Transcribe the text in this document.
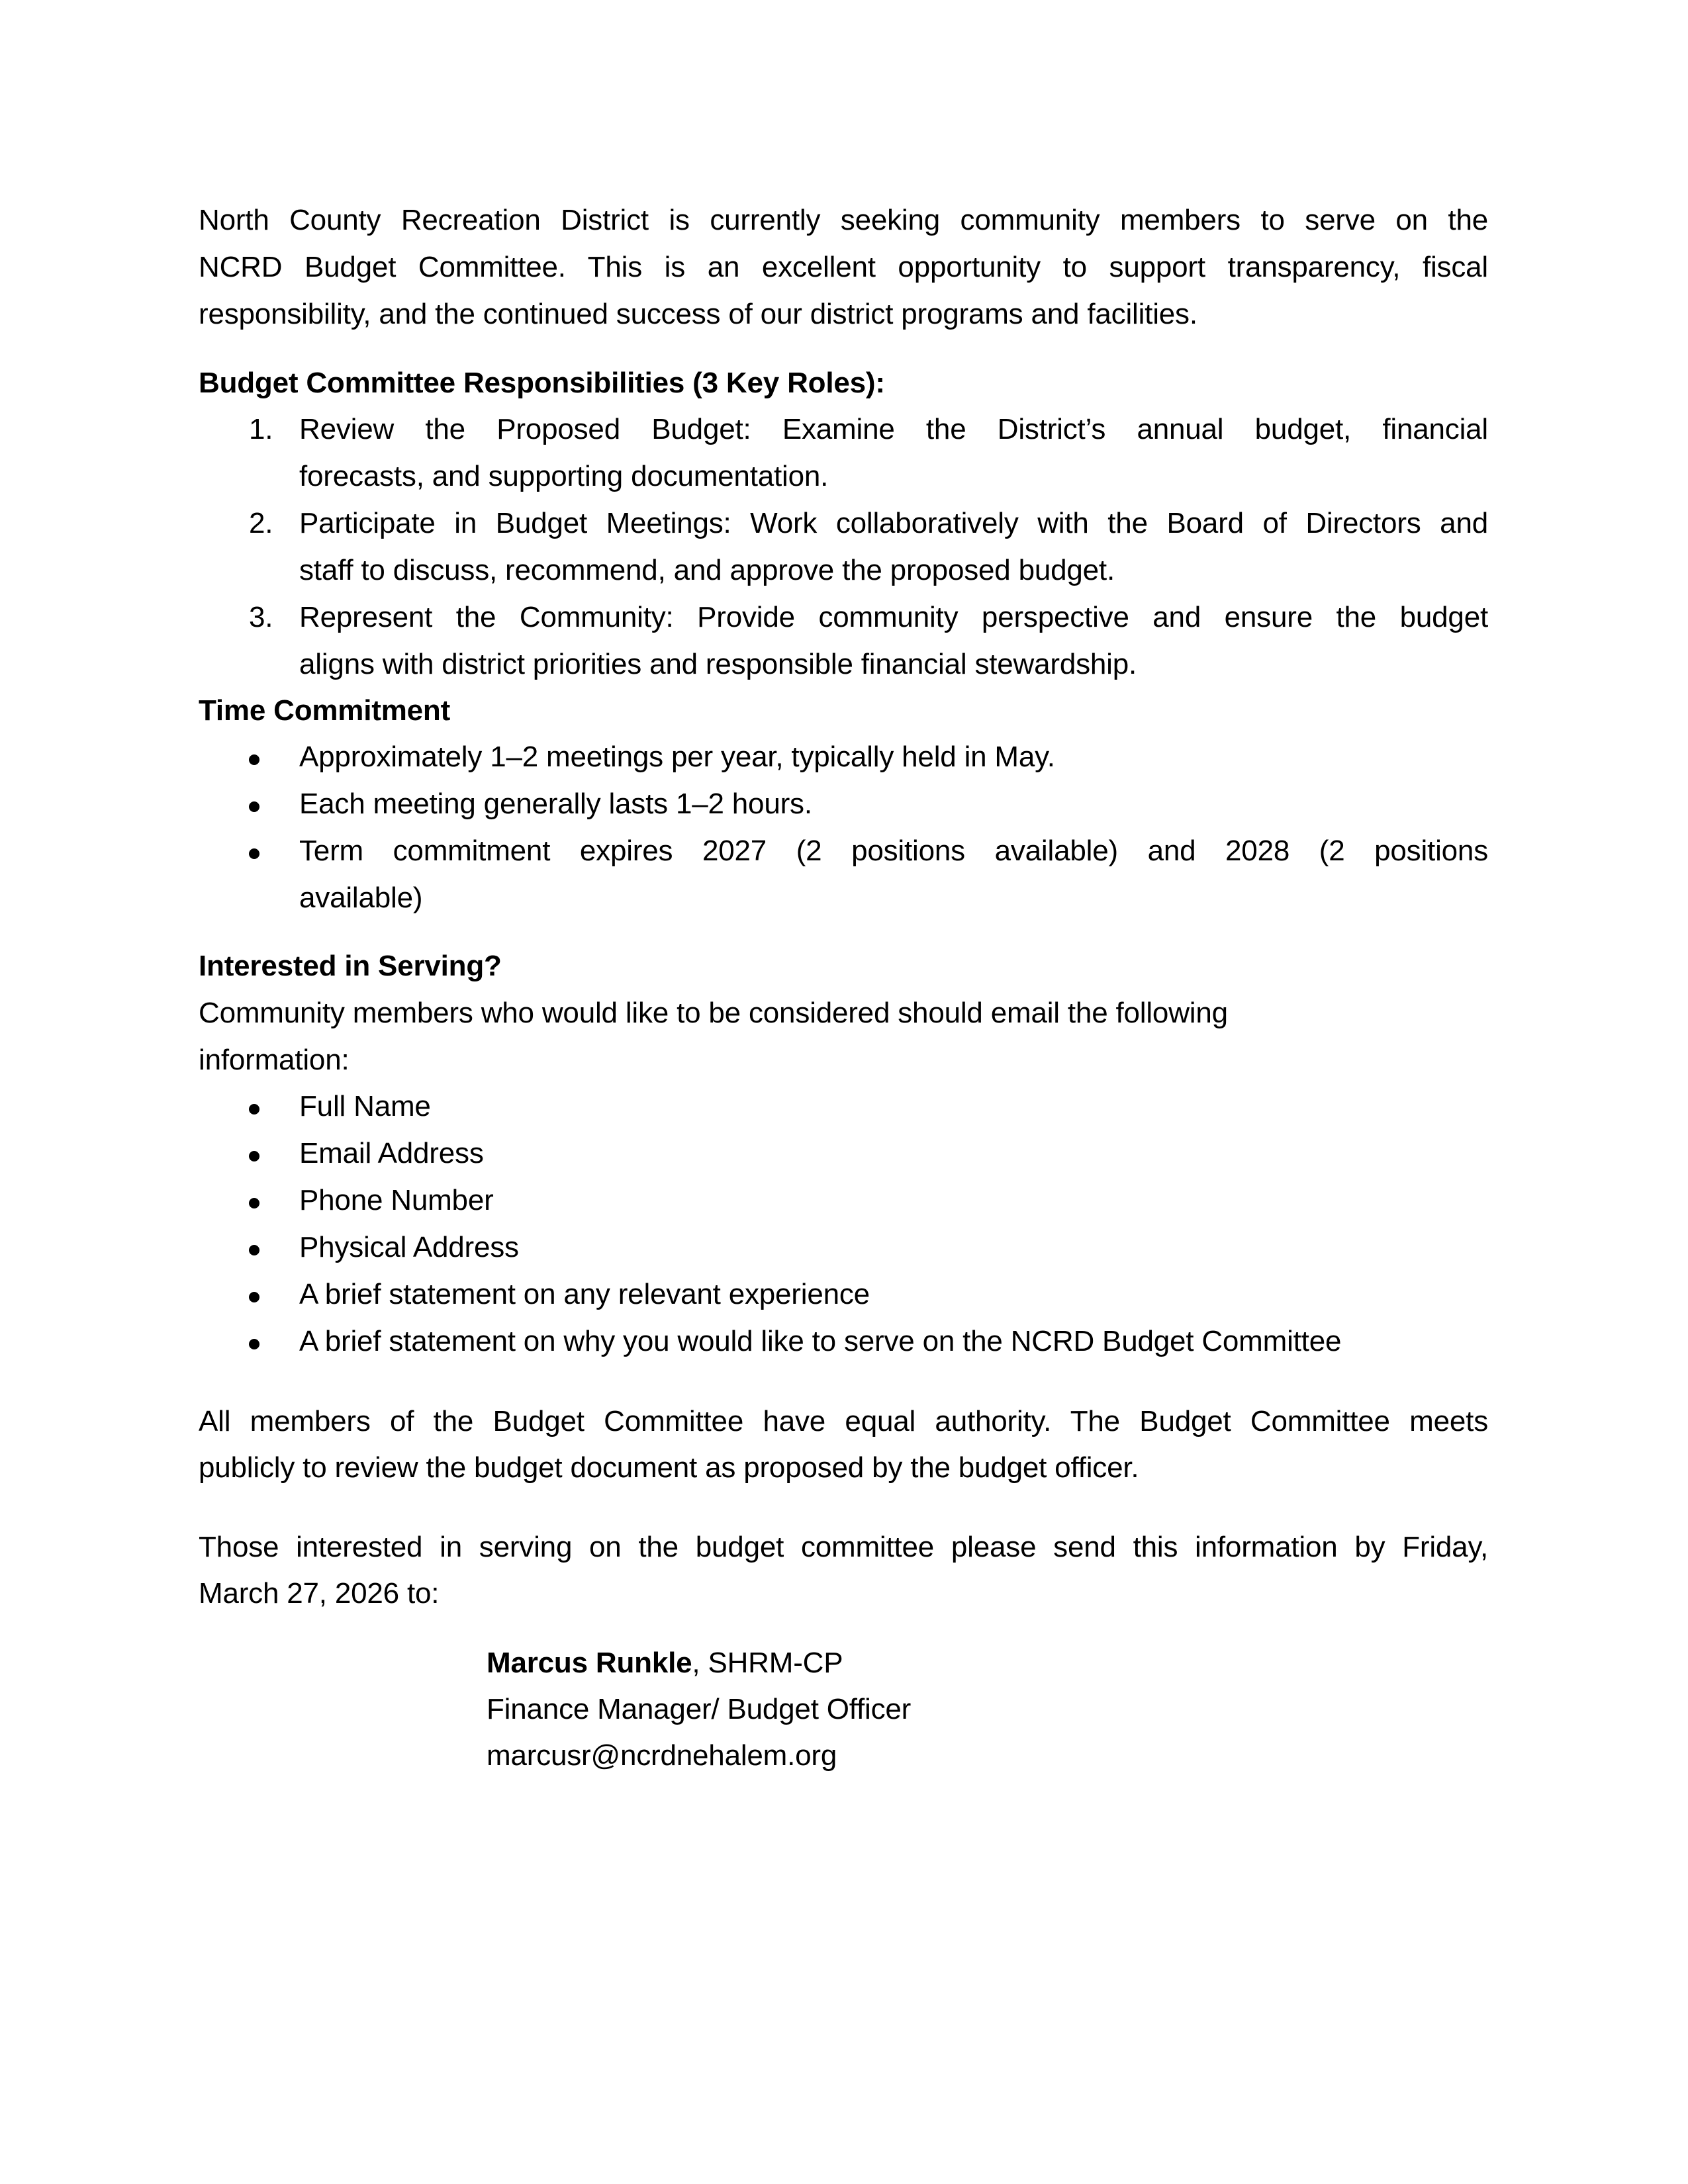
North County Recreation District is currently seeking community members to serve on the
NCRD Budget Committee. This is an excellent opportunity to support transparency, fiscal
responsibility, and the continued success of our district programs and facilities.
Budget Committee Responsibilities (3 Key Roles):
1. Review the Proposed Budget: Examine the District’s annual budget, financial
forecasts, and supporting documentation.
2. Participate in Budget Meetings: Work collaboratively with the Board of Directors and
staff to discuss, recommend, and approve the proposed budget.
3. Represent the Community: Provide community perspective and ensure the budget
aligns with district priorities and responsible financial stewardship.
Time Commitment
Approximately 1–2 meetings per year, typically held in May.
Each meeting generally lasts 1–2 hours.
Term commitment expires 2027 (2 positions available) and 2028 (2 positions
available)
Interested in Serving?
Community members who would like to be considered should email the following
information:
Full Name
Email Address
Phone Number
Physical Address
A brief statement on any relevant experience
A brief statement on why you would like to serve on the NCRD Budget Committee
All members of the Budget Committee have equal authority. The Budget Committee meets
publicly to review the budget document as proposed by the budget officer.
Those interested in serving on the budget committee please send this information by Friday,
March 27, 2026 to:
Marcus Runkle, SHRM-CP
Finance Manager/ Budget Officer
marcusr@ncrdnehalem.org
